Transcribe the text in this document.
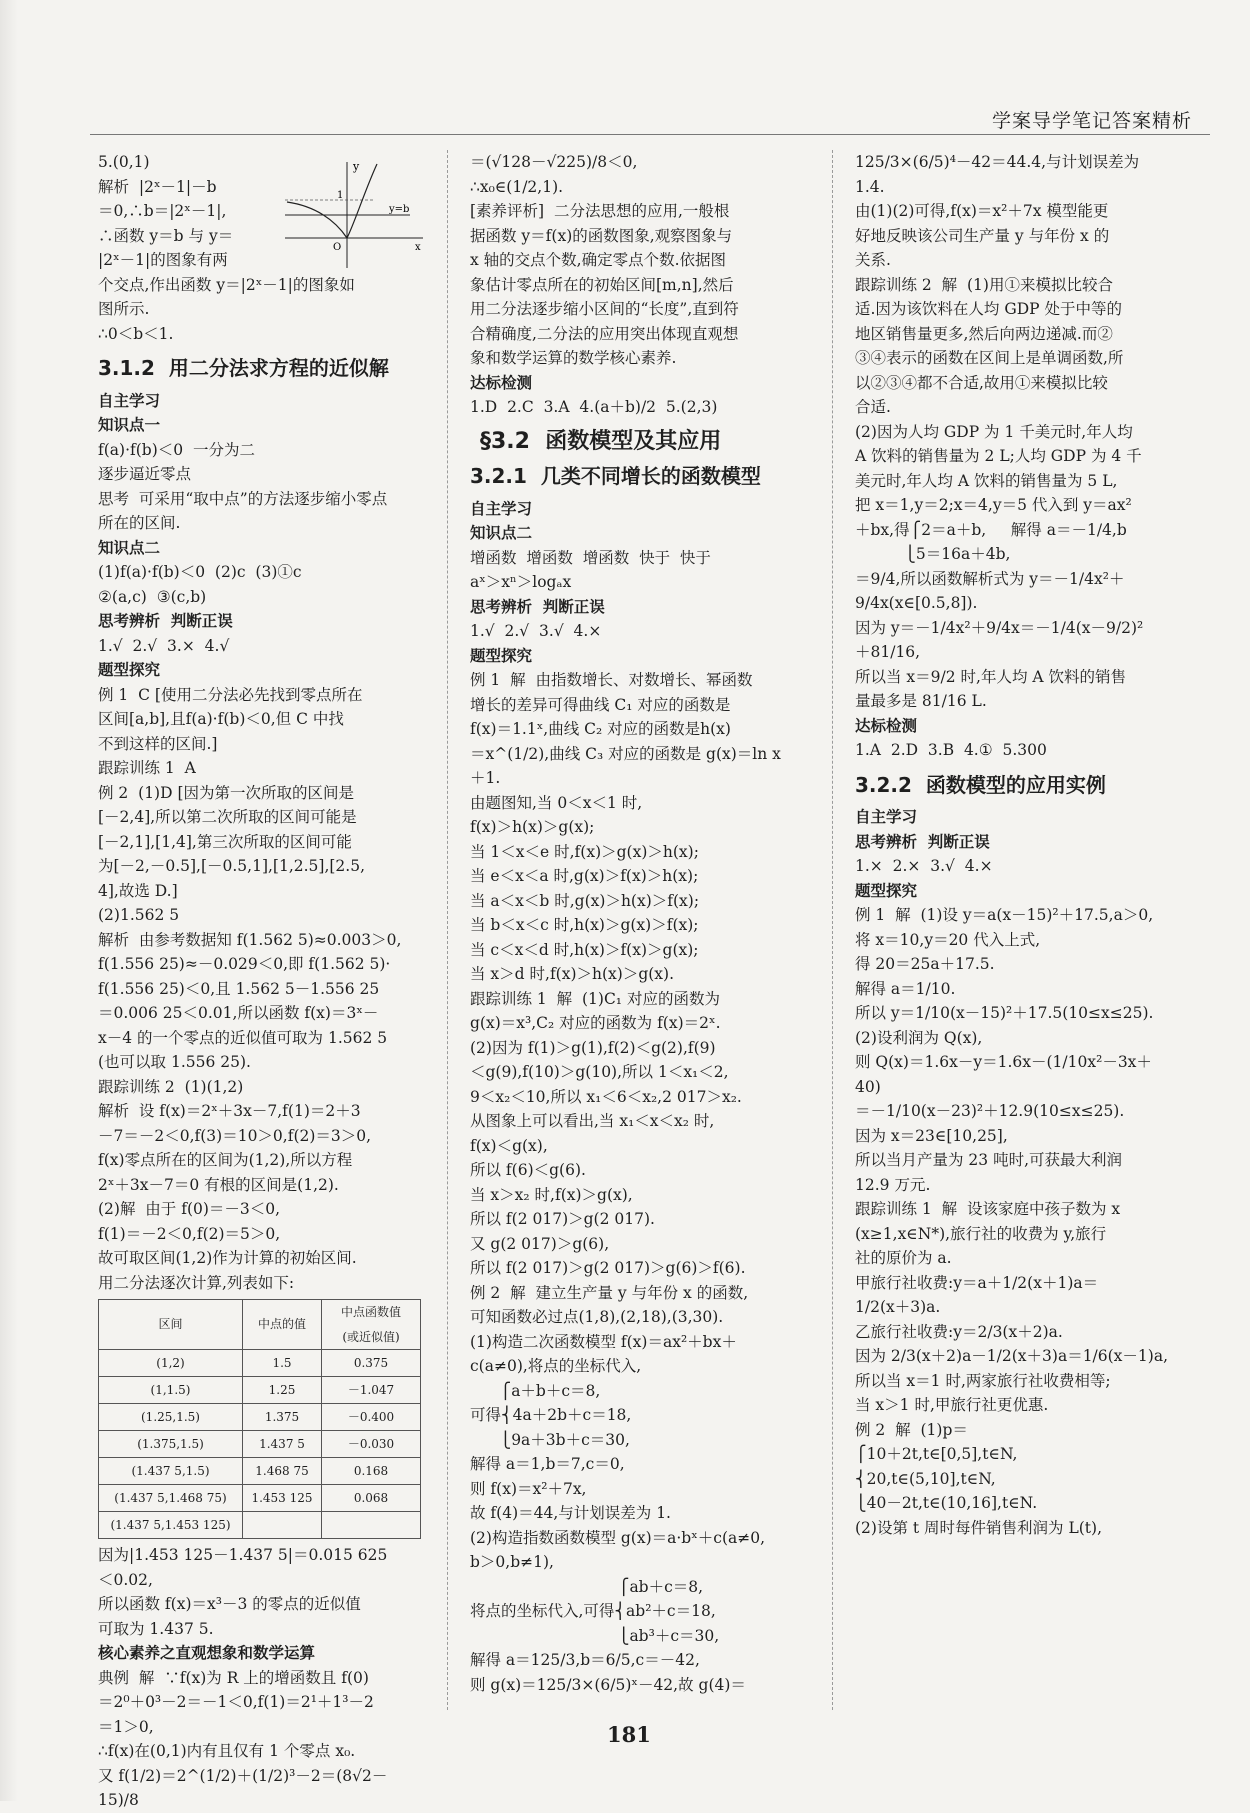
学案导学笔记答案精析
5.(0,1)
解析  |2ˣ－1|－b
＝0,∴b＝|2ˣ－1|,
∴函数 y＝b 与 y＝
|2ˣ－1|的图象有两
个交点,作出函数 y＝|2ˣ－1|的图象如
图所示.
∴0＜b＜1.
3.1.2  用二分法求方程的近似解
自主学习
知识点一
f(a)·f(b)＜0  一分为二
逐步逼近零点
思考  可采用“取中点”的方法逐步缩小零点
所在的区间.
知识点二
(1)f(a)·f(b)＜0  (2)c  (3)①c
②(a,c)  ③(c,b)
思考辨析  判断正误
1.√  2.√  3.×  4.√
题型探究
例 1  C [使用二分法必先找到零点所在
区间[a,b],且f(a)·f(b)＜0,但 C 中找
不到这样的区间.]
跟踪训练 1  A
例 2  (1)D [因为第一次所取的区间是
[－2,4],所以第二次所取的区间可能是
[－2,1],[1,4],第三次所取的区间可能
为[－2,－0.5],[－0.5,1],[1,2.5],[2.5,
4],故选 D.]
(2)1.562 5
解析  由参考数据知 f(1.562 5)≈0.003＞0,
f(1.556 25)≈－0.029＜0,即 f(1.562 5)·
f(1.556 25)＜0,且 1.562 5－1.556 25
＝0.006 25＜0.01,所以函数 f(x)＝3ˣ－
x－4 的一个零点的近似值可取为 1.562 5
(也可以取 1.556 25).
跟踪训练 2  (1)(1,2)
解析  设 f(x)＝2ˣ＋3x－7,f(1)＝2＋3
－7＝－2＜0,f(3)＝10＞0,f(2)＝3＞0,
f(x)零点所在的区间为(1,2),所以方程
2ˣ＋3x－7＝0 有根的区间是(1,2).
(2)解  由于 f(0)＝－3＜0,
f(1)＝－2＜0,f(2)＝5＞0,
故可取区间(1,2)作为计算的初始区间.
用二分法逐次计算,列表如下:
区间	中点的值	中点函数值
(或近似值)
(1,2)	1.5	0.375
(1,1.5)	1.25	－1.047
(1.25,1.5)	1.375	－0.400
(1.375,1.5)	1.437 5	－0.030
(1.437 5,1.5)	1.468 75	0.168
(1.437 5,1.468 75)	1.453 125	0.068
(1.437 5,1.453 125)		
因为|1.453 125－1.437 5|＝0.015 625
＜0.02,
所以函数 f(x)＝x³－3 的零点的近似值
可取为 1.437 5.
核心素养之直观想象和数学运算
典例  解  ∵f(x)为 R 上的增函数且 f(0)
＝2⁰＋0³－2＝－1＜0,f(1)＝2¹＋1³－2
＝1＞0,
∴f(x)在(0,1)内有且仅有 1 个零点 x₀.
又 f(1/2)＝2^(1/2)＋(1/2)³－2＝(8√2－15)/8
y
1
y=b
O	x
＝(√128－√225)/8＜0,
∴x₀∈(1/2,1).
[素养评析]  二分法思想的应用,一般根
据函数 y＝f(x)的函数图象,观察图象与
x 轴的交点个数,确定零点个数.依据图
象估计零点所在的初始区间[m,n],然后
用二分法逐步缩小区间的“长度”,直到符
合精确度,二分法的应用突出体现直观想
象和数学运算的数学核心素养.
达标检测
1.D  2.C  3.A  4.(a＋b)/2  5.(2,3)
§3.2  函数模型及其应用
3.2.1  几类不同增长的函数模型
自主学习
知识点二
增函数  增函数  增函数  快于  快于
aˣ＞xⁿ＞logₐx
思考辨析  判断正误
1.√  2.√  3.√  4.×
题型探究
例 1  解  由指数增长、对数增长、幂函数
增长的差异可得曲线 C₁ 对应的函数是
f(x)＝1.1ˣ,曲线 C₂ 对应的函数是h(x)
＝x^(1/2),曲线 C₃ 对应的函数是 g(x)＝ln x
＋1.
由题图知,当 0＜x＜1 时,
f(x)＞h(x)＞g(x);
当 1＜x＜e 时,f(x)＞g(x)＞h(x);
当 e＜x＜a 时,g(x)＞f(x)＞h(x);
当 a＜x＜b 时,g(x)＞h(x)＞f(x);
当 b＜x＜c 时,h(x)＞g(x)＞f(x);
当 c＜x＜d 时,h(x)＞f(x)＞g(x);
当 x＞d 时,f(x)＞h(x)＞g(x).
跟踪训练 1  解  (1)C₁ 对应的函数为
g(x)＝x³,C₂ 对应的函数为 f(x)＝2ˣ.
(2)因为 f(1)＞g(1),f(2)＜g(2),f(9)
＜g(9),f(10)＞g(10),所以 1＜x₁＜2,
9＜x₂＜10,所以 x₁＜6＜x₂,2 017＞x₂.
从图象上可以看出,当 x₁＜x＜x₂ 时,
f(x)＜g(x),
所以 f(6)＜g(6).
当 x＞x₂ 时,f(x)＞g(x),
所以 f(2 017)＞g(2 017).
又 g(2 017)＞g(6),
所以 f(2 017)＞g(2 017)＞g(6)＞f(6).
例 2  解  建立生产量 y 与年份 x 的函数,
可知函数必过点(1,8),(2,18),(3,30).
(1)构造二次函数模型 f(x)＝ax²＋bx＋
c(a≠0),将点的坐标代入,
⎧a＋b＋c＝8,
可得⎨4a＋2b＋c＝18,
⎩9a＋3b＋c＝30,
解得 a＝1,b＝7,c＝0,
则 f(x)＝x²＋7x,
故 f(4)＝44,与计划误差为 1.
(2)构造指数函数模型 g(x)＝a·bˣ＋c(a≠0,
b＞0,b≠1),
⎧ab＋c＝8,
将点的坐标代入,可得⎨ab²＋c＝18,
⎩ab³＋c＝30,
解得 a＝125/3,b＝6/5,c＝－42,
则 g(x)＝125/3×(6/5)ˣ－42,故 g(4)＝
125/3×(6/5)⁴－42＝44.4,与计划误差为
1.4.
由(1)(2)可得,f(x)＝x²＋7x 模型能更
好地反映该公司生产量 y 与年份 x 的
关系.
跟踪训练 2  解  (1)用①来模拟比较合
适.因为该饮料在人均 GDP 处于中等的
地区销售量更多,然后向两边递减.而②
③④表示的函数在区间上是单调函数,所
以②③④都不合适,故用①来模拟比较
合适.
(2)因为人均 GDP 为 1 千美元时,年人均
A 饮料的销售量为 2 L;人均 GDP 为 4 千
美元时,年人均 A 饮料的销售量为 5 L,
把 x＝1,y＝2;x＝4,y＝5 代入到 y＝ax²
＋bx,得⎧2＝a＋b,     解得 a＝－1/4,b
⎩5＝16a＋4b,
＝9/4,所以函数解析式为 y＝－1/4x²＋
9/4x(x∈[0.5,8]).
因为 y＝－1/4x²＋9/4x＝－1/4(x－9/2)²
＋81/16,
所以当 x＝9/2 时,年人均 A 饮料的销售
量最多是 81/16 L.
达标检测
1.A  2.D  3.B  4.①  5.300
3.2.2  函数模型的应用实例
自主学习
思考辨析  判断正误
1.×  2.×  3.√  4.×
题型探究
例 1  解  (1)设 y＝a(x－15)²＋17.5,a＞0,
将 x＝10,y＝20 代入上式,
得 20＝25a＋17.5.
解得 a＝1/10.
所以 y＝1/10(x－15)²＋17.5(10≤x≤25).
(2)设利润为 Q(x),
则 Q(x)＝1.6x－y＝1.6x－(1/10x²－3x＋40)
＝－1/10(x－23)²＋12.9(10≤x≤25).
因为 x＝23∈[10,25],
所以当月产量为 23 吨时,可获最大利润
12.9 万元.
跟踪训练 1  解  设该家庭中孩子数为 x
(x≥1,x∈N*),旅行社的收费为 y,旅行
社的原价为 a.
甲旅行社收费:y＝a＋1/2(x＋1)a＝
1/2(x＋3)a.
乙旅行社收费:y＝2/3(x＋2)a.
因为 2/3(x＋2)a－1/2(x＋3)a＝1/6(x－1)a,
所以当 x＝1 时,两家旅行社收费相等;
当 x＞1 时,甲旅行社更优惠.
例 2  解  (1)p＝
⎧10＋2t,t∈[0,5],t∈N,
⎨20,t∈(5,10],t∈N,
⎩40－2t,t∈(10,16],t∈N.
(2)设第 t 周时每件销售利润为 L(t),
181
